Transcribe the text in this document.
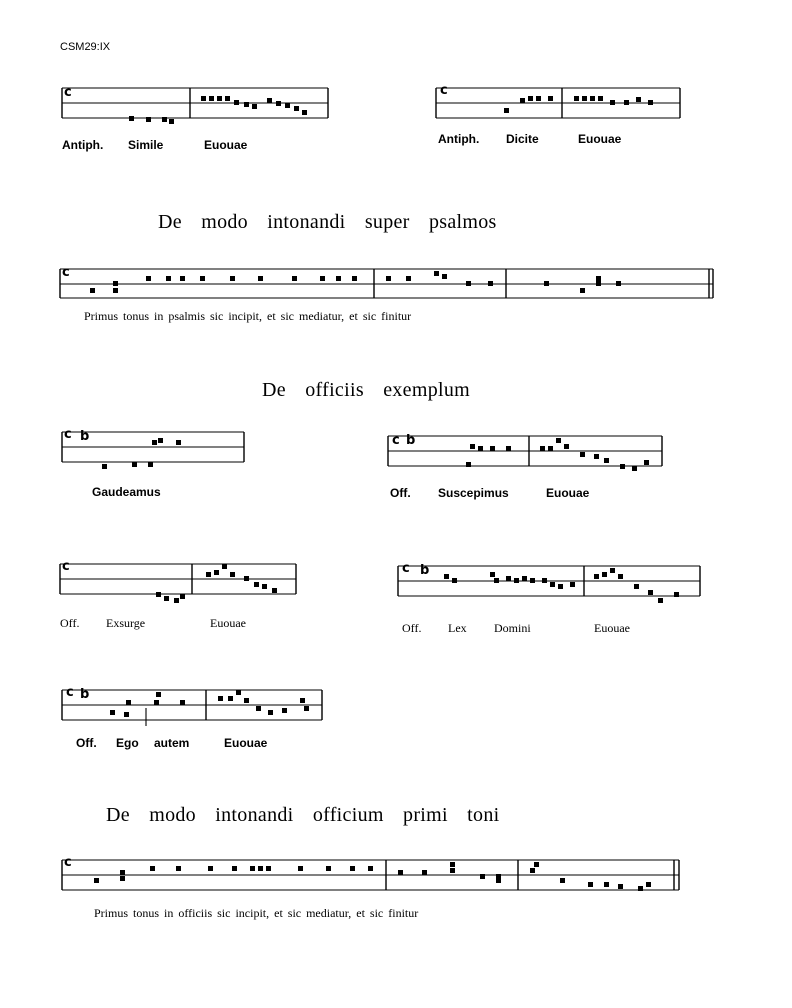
CSM29:IX
c
Antiph. Simile	Euouae
c
Antiph. Dicite	Euouae
De modo intonandi super psalmos
c
Primus tonus in psalmis sic incipit, et sic mediatur, et sic finitur
De officiis exemplum
c b
Gaudeamus
c b
Off. Suscepimus	Euouae
c
Off. Exsurge	Euouae
c b
Off. Lex Domini	Euouae
c b
Off. Ego autem	Euouae
De modo intonandi officium primi toni
c
Primus tonus in officiis sic incipit, et sic mediatur, et sic finitur
